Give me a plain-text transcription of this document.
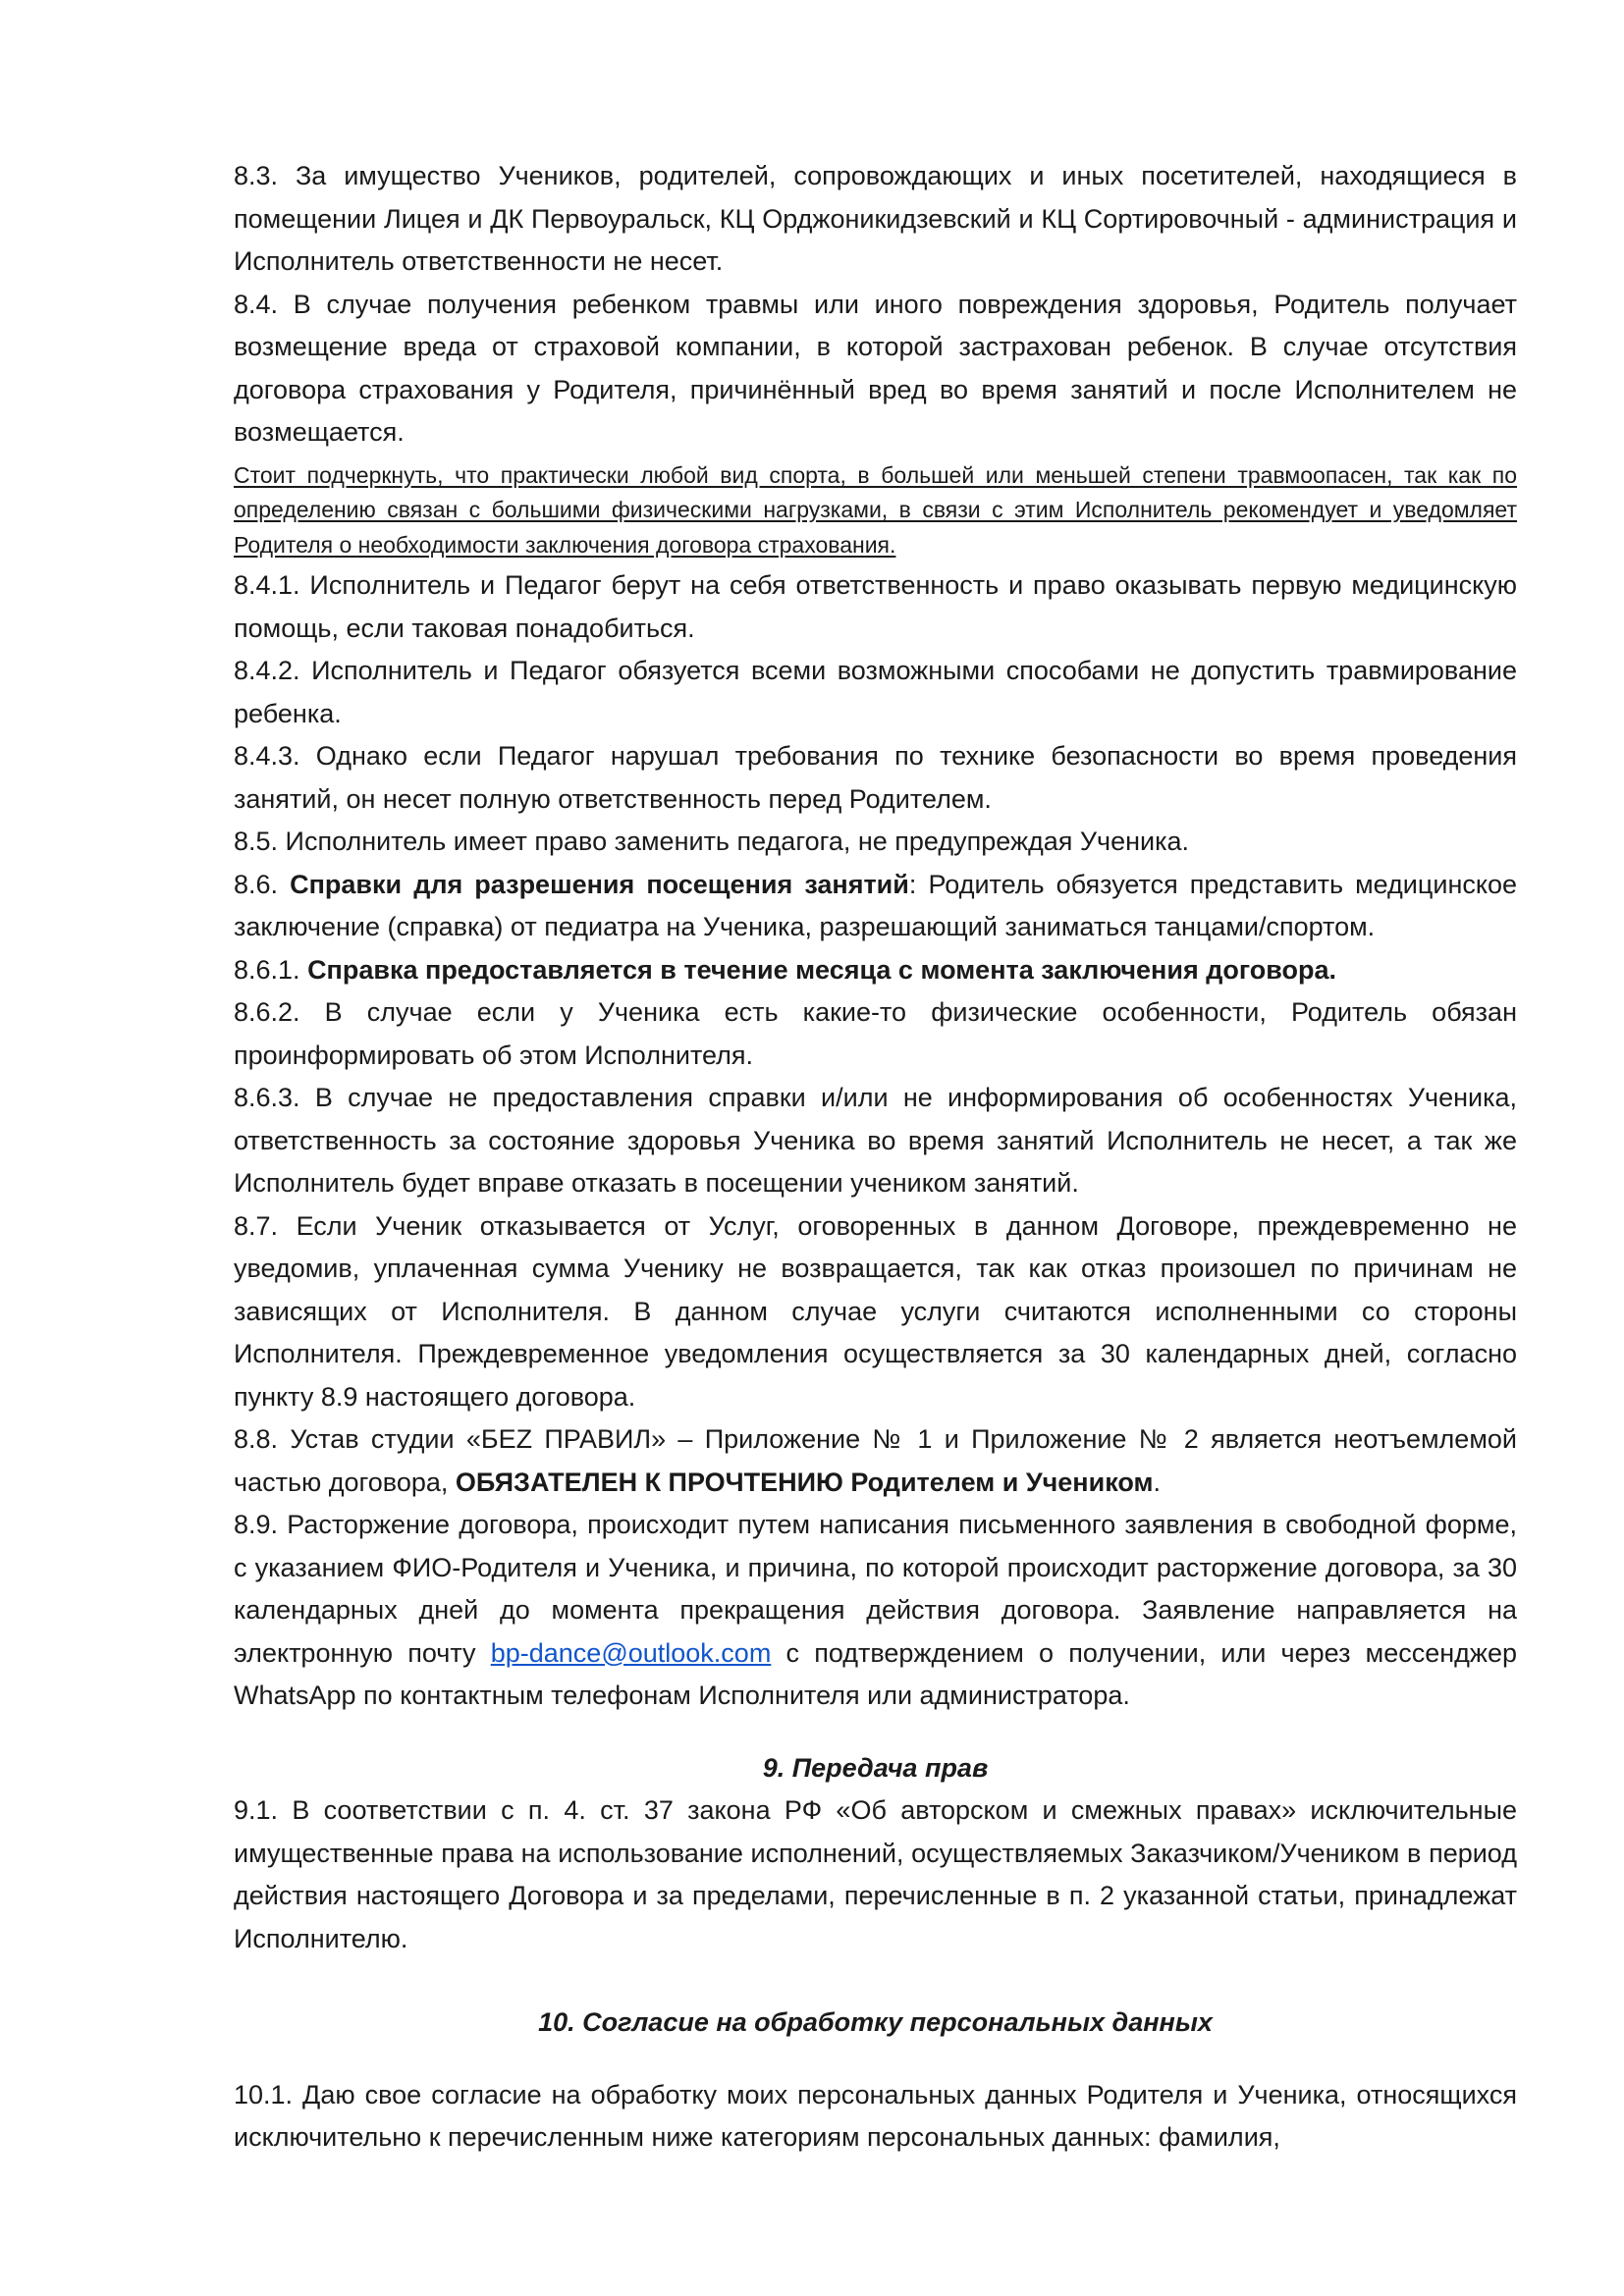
8.3. За имущество Учеников, родителей, сопровождающих и иных посетителей, находящиеся в помещении Лицея и ДК Первоуральск, КЦ Орджоникидзевский и КЦ Сортировочный - администрация и Исполнитель ответственности не несет.

8.4. В случае получения ребенком травмы или иного повреждения здоровья, Родитель получает возмещение вреда от страховой компании, в которой застрахован ребенок. В случае отсутствия договора страхования у Родителя, причинённый вред во время занятий и после Исполнителем не возмещается.

Стоит подчеркнуть, что практически любой вид спорта, в большей или меньшей степени травмоопасен, так как по определению связан с большими физическими нагрузками, в связи с этим Исполнитель рекомендует и уведомляет Родителя о необходимости заключения договора страхования.

8.4.1. Исполнитель и Педагог берут на себя ответственность и право оказывать первую медицинскую помощь, если таковая понадобиться.

8.4.2. Исполнитель и Педагог обязуется всеми возможными способами не допустить травмирование ребенка.

8.4.3. Однако если Педагог нарушал требования по технике безопасности во время проведения занятий, он несет полную ответственность перед Родителем.

8.5. Исполнитель имеет право заменить педагога, не предупреждая Ученика.

8.6. Справки для разрешения посещения занятий: Родитель обязуется представить медицинское заключение (справка) от педиатра на Ученика, разрешающий заниматься танцами/спортом.

8.6.1. Справка предоставляется в течение месяца с момента заключения договора.

8.6.2. В случае если у Ученика есть какие-то физические особенности, Родитель обязан проинформировать об этом Исполнителя.

8.6.3. В случае не предоставления справки и/или не информирования об особенностях Ученика, ответственность за состояние здоровья Ученика во время занятий Исполнитель не несет, а так же Исполнитель будет вправе отказать в посещении учеником занятий.

8.7. Если Ученик отказывается от Услуг, оговоренных в данном Договоре, преждевременно не уведомив, уплаченная сумма Ученику не возвращается, так как отказ произошел по причинам не зависящих от Исполнителя. В данном случае услуги считаются исполненными со стороны Исполнителя. Преждевременное уведомления осуществляется за 30 календарных дней, согласно пункту 8.9 настоящего договора.

8.8. Устав студии «БЕZ ПРАВИЛ» – Приложение № 1 и Приложение № 2 является неотъемлемой частью договора, ОБЯЗАТЕЛЕН К ПРОЧТЕНИЮ Родителем и Учеником.

8.9. Расторжение договора, происходит путем написания письменного заявления в свободной форме, с указанием ФИО-Родителя и Ученика, и причина, по которой происходит расторжение договора, за 30 календарных дней до момента прекращения действия договора. Заявление направляется на электронную почту bp-dance@outlook.com с подтверждением о получении, или через мессенджер WhatsApp по контактным телефонам Исполнителя или администратора.

9. Передача прав

9.1. В соответствии с п. 4. ст. 37 закона РФ «Об авторском и смежных правах» исключительные имущественные права на использование исполнений, осуществляемых Заказчиком/Учеником в период действия настоящего Договора и за пределами, перечисленные в п. 2 указанной статьи, принадлежат Исполнителю.

10. Согласие на обработку персональных данных

10.1. Даю свое согласие на обработку моих персональных данных Родителя и Ученика, относящихся исключительно к перечисленным ниже категориям персональных данных: фамилия,
